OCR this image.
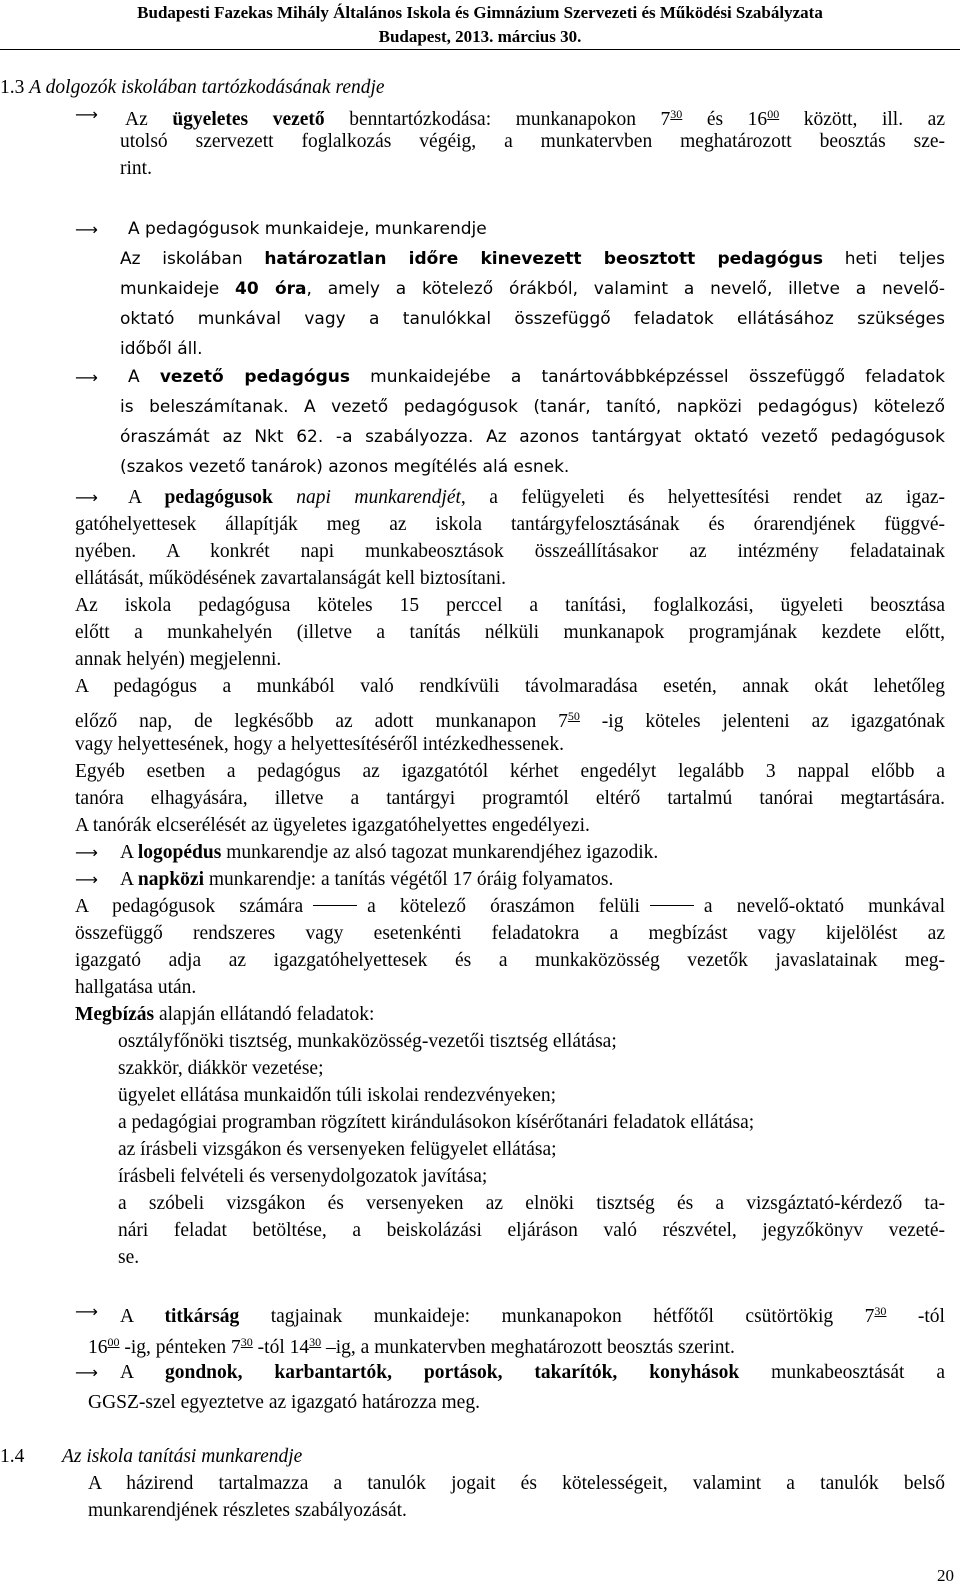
Budapesti Fazekas Mihály Általános Iskola és Gimnázium Szervezeti és Működési Szabályzata
Budapest, 2013. március 30.
1.3 A dolgozók iskolában tartózkodásának rendje
⟶ Az ügyeletes vezető benntartózkodása: munkanapokon $7^{30}$ és $16^{00}$ között, ill. az
utolsó szervezett foglalkozás végéig, a munkatervben meghatározott beosztás sze-
rint.
⟶ A pedagógusok munkaideje, munkarendje
Az iskolában határozatlan időre kinevezett beosztott pedagógus heti teljes
munkaideje 40 óra, amely a kötelező órákból, valamint a nevelő, illetve a nevelő-
oktató munkával vagy a tanulókkal összefüggő feladatok ellátásához szükséges
időből áll.
⟶ A vezető pedagógus munkaidejébe a tanártovábbképzéssel összefüggő feladatok
is beleszámítanak. A vezető pedagógusok (tanár, tanító, napközi pedagógus) kötelező
óraszámát az Nkt 62. -a szabályozza. Az azonos tantárgyat oktató vezető pedagógusok
(szakos vezető tanárok) azonos megítélés alá esnek.
⟶ A pedagógusok napi munkarendjét, a felügyeleti és helyettesítési rendet az igaz-
gatóhelyettesek állapítják meg az iskola tantárgyfelosztásának és órarendjének függvé-
nyében. A konkrét napi munkabeosztások összeállításakor az intézmény feladatainak
ellátását, működésének zavartalanságát kell biztosítani.
Az iskola pedagógusa köteles 15 perccel a tanítási, foglalkozási, ügyeleti beosztása
előtt a munkahelyén (illetve a tanítás nélküli munkanapok programjának kezdete előtt,
annak helyén) megjelenni.
A pedagógus a munkából való rendkívüli távolmaradása esetén, annak okát lehetőleg
előző nap, de legkésőbb az adott munkanapon $7^{50}$ -ig köteles jelenteni az igazgatónak
vagy helyettesének, hogy a helyettesítéséről intézkedhessenek.
Egyéb esetben a pedagógus az igazgatótól kérhet engedélyt legalább 3 nappal előbb a
tanóra elhagyására, illetve a tantárgyi programtól eltérő tartalmú tanórai megtartására.
A tanórák elcserélését az ügyeletes igazgatóhelyettes engedélyezi.
⟶ A logopédus munkarendje az alsó tagozat munkarendjéhez igazodik.
⟶ A napközi munkarendje: a tanítás végétől 17 óráig folyamatos.
A pedagógusok számára	a kötelező óraszámon felüli	a nevelő-oktató munkával
összefüggő rendszeres vagy esetenkénti feladatokra a megbízást vagy kijelölést az
igazgató adja az igazgatóhelyettesek és a munkaközösség vezetők javaslatainak meg-
hallgatása után.
Megbízás alapján ellátandó feladatok:
osztályfőnöki tisztség, munkaközösség-vezetői tisztség ellátása;
szakkör, diákkör vezetése;
ügyelet ellátása munkaidőn túli iskolai rendezvényeken;
a pedagógiai programban rögzített kirándulásokon kísérőtanári feladatok ellátása;
az írásbeli vizsgákon és versenyeken felügyelet ellátása;
írásbeli felvételi és versenydolgozatok javítása;
a szóbeli vizsgákon és versenyeken az elnöki tisztség és a vizsgáztató-kérdező ta-
nári feladat betöltése, a beiskolázási eljáráson való részvétel, jegyzőkönyv vezeté-
se.
⟶ A titkárság tagjainak munkaideje: munkanapokon hétfőtől csütörtökig $7^{30}$ -tól
$16^{00}$ -ig, pénteken $7^{30}$ -tól $14^{30}$ –ig, a munkatervben meghatározott beosztás szerint.
⟶ A gondnok, karbantartók, portások, takarítók, konyhások munkabeosztását a
GGSZ-szel egyeztetve az igazgató határozza meg.
1.4 Az iskola tanítási munkarendje
A házirend tartalmazza a tanulók jogait és kötelességeit, valamint a tanulók belső
munkarendjének részletes szabályozását.
20
